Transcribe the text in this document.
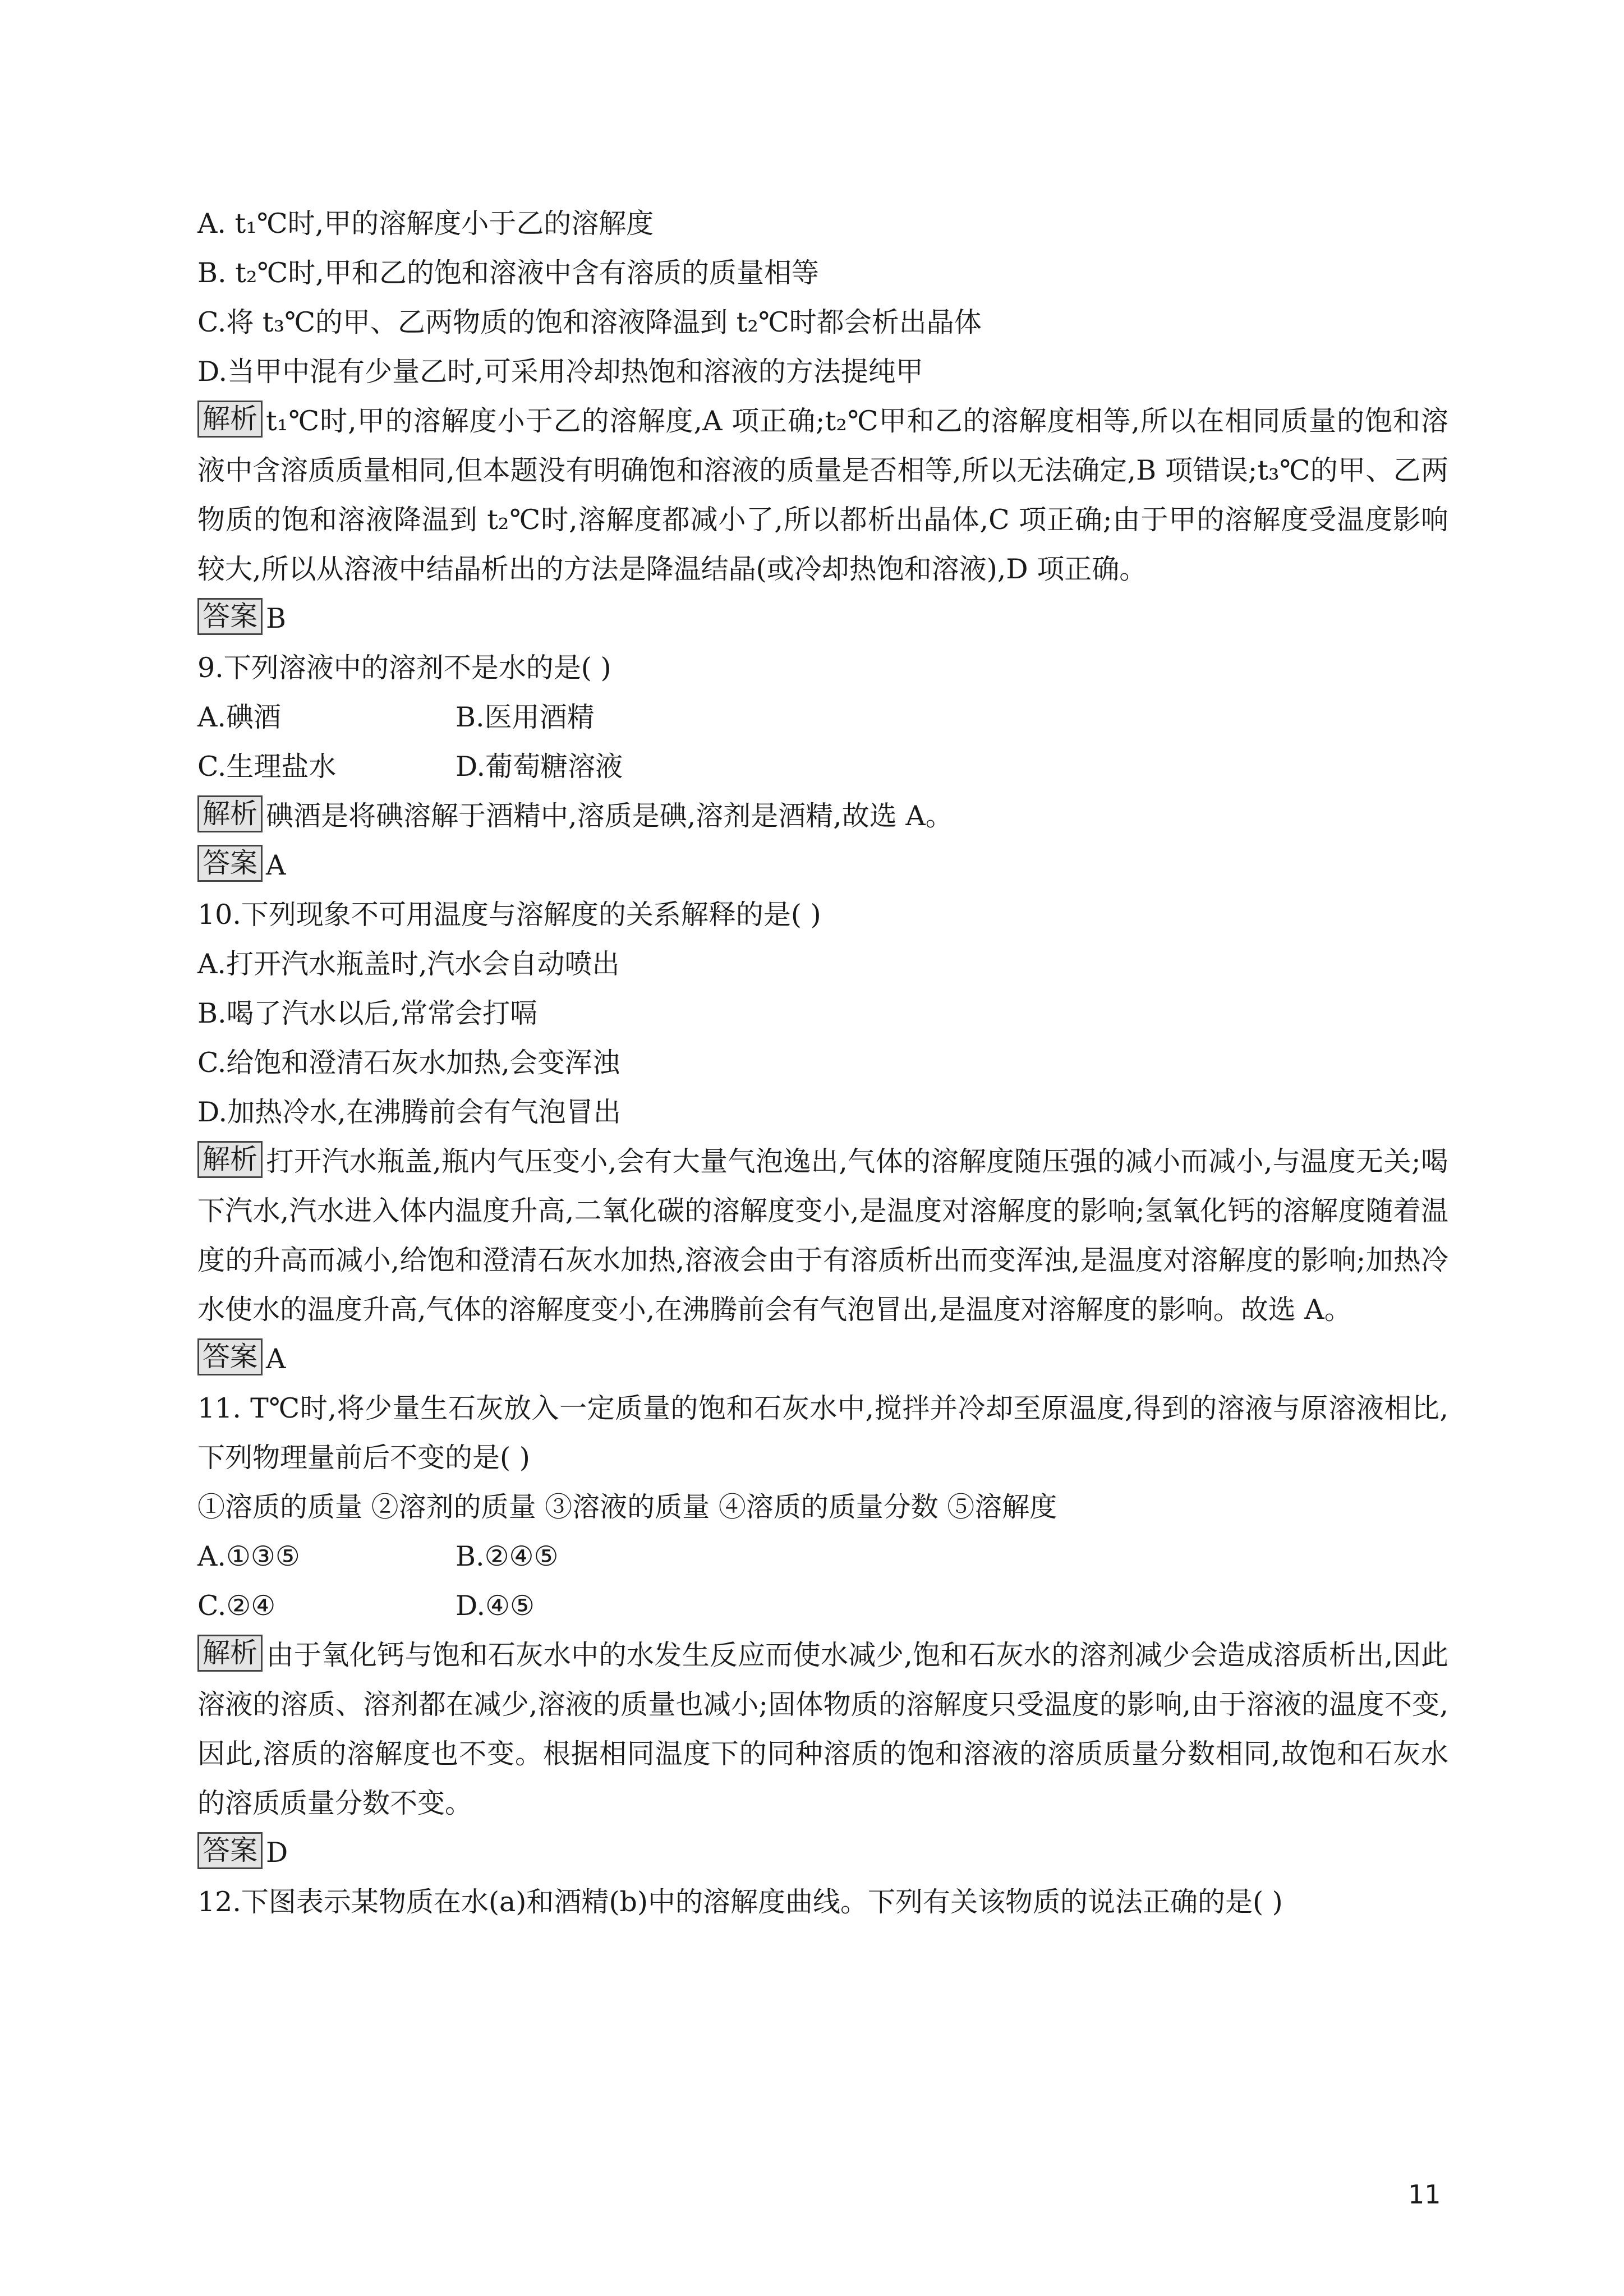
A. t₁℃时,甲的溶解度小于乙的溶解度
B. t₂℃时,甲和乙的饱和溶液中含有溶质的质量相等
C.将 t₃℃的甲、乙两物质的饱和溶液降温到 t₂℃时都会析出晶体
D.当甲中混有少量乙时,可采用冷却热饱和溶液的方法提纯甲
解析 t₁℃时,甲的溶解度小于乙的溶解度,A 项正确;t₂℃甲和乙的溶解度相等,所以在相同质量的饱和溶液中含溶质质量相同,但本题没有明确饱和溶液的质量是否相等,所以无法确定,B 项错误;t₃℃的甲、乙两物质的饱和溶液降温到 t₂℃时,溶解度都减小了,所以都析出晶体,C 项正确;由于甲的溶解度受温度影响较大,所以从溶液中结晶析出的方法是降温结晶(或冷却热饱和溶液),D 项正确。
答案 B
9.下列溶液中的溶剂不是水的是( )
A.碘酒	B.医用酒精
C.生理盐水	D.葡萄糖溶液
解析 碘酒是将碘溶解于酒精中,溶质是碘,溶剂是酒精,故选 A。
答案 A
10.下列现象不可用温度与溶解度的关系解释的是( )
A.打开汽水瓶盖时,汽水会自动喷出
B.喝了汽水以后,常常会打嗝
C.给饱和澄清石灰水加热,会变浑浊
D.加热冷水,在沸腾前会有气泡冒出
解析 打开汽水瓶盖,瓶内气压变小,会有大量气泡逸出,气体的溶解度随压强的减小而减小,与温度无关;喝下汽水,汽水进入体内温度升高,二氧化碳的溶解度变小,是温度对溶解度的影响;氢氧化钙的溶解度随着温度的升高而减小,给饱和澄清石灰水加热,溶液会由于有溶质析出而变浑浊,是温度对溶解度的影响;加热冷水使水的温度升高,气体的溶解度变小,在沸腾前会有气泡冒出,是温度对溶解度的影响。故选 A。
答案 A
11. T℃时,将少量生石灰放入一定质量的饱和石灰水中,搅拌并冷却至原温度,得到的溶液与原溶液相比,下列物理量前后不变的是( )
①溶质的质量 ②溶剂的质量 ③溶液的质量 ④溶质的质量分数 ⑤溶解度
A.①③⑤	B.②④⑤
C.②④	D.④⑤
解析 由于氧化钙与饱和石灰水中的水发生反应而使水减少,饱和石灰水的溶剂减少会造成溶质析出,因此溶液的溶质、溶剂都在减少,溶液的质量也减小;固体物质的溶解度只受温度的影响,由于溶液的温度不变,因此,溶质的溶解度也不变。根据相同温度下的同种溶质的饱和溶液的溶质质量分数相同,故饱和石灰水的溶质质量分数不变。
答案 D
12.下图表示某物质在水(a)和酒精(b)中的溶解度曲线。下列有关该物质的说法正确的是( )
11
